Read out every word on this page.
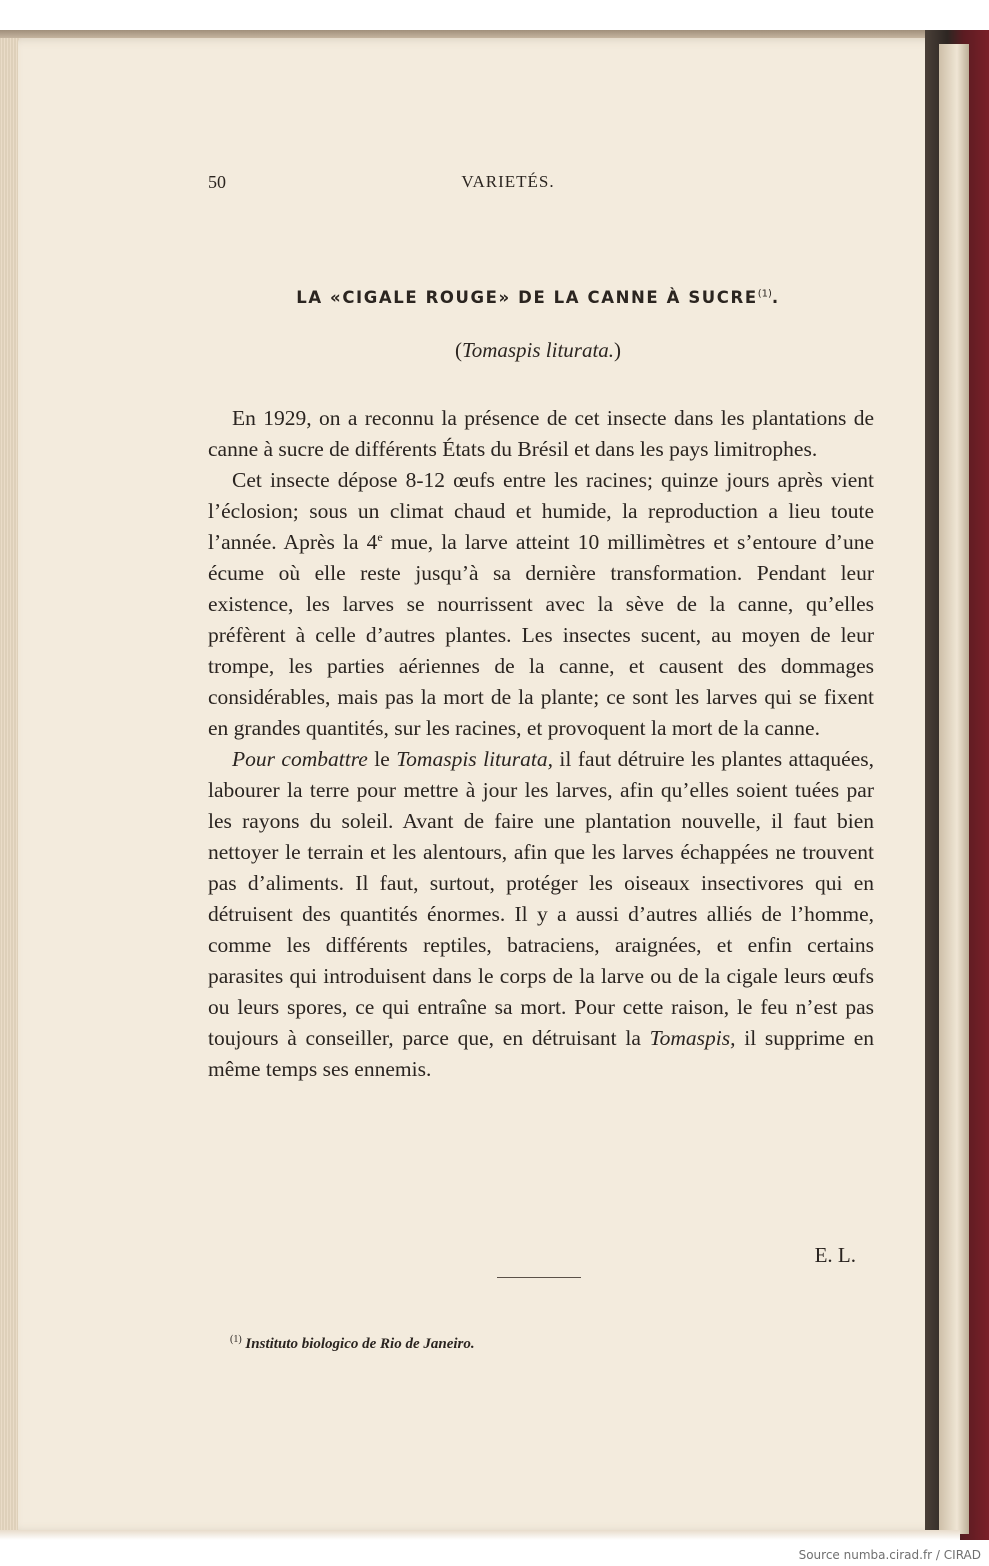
50	VARIETÉS.
LA «CIGALE ROUGE» DE LA CANNE À SUCRE$^{(1)}$.
(Tomaspis liturata.)

En 1929, on a reconnu la présence de cet insecte dans les plantations de canne à sucre de différents États du Brésil et dans les pays limitrophes.

Cet insecte dépose 8-12 œufs entre les racines; quinze jours après vient l’éclosion; sous un climat chaud et humide, la reproduction a lieu toute l’année. Après la 4e mue, la larve atteint 10 millimètres et s’entoure d’une écume où elle reste jusqu’à sa dernière transformation. Pendant leur existence, les larves se nourrissent avec la sève de la canne, qu’elles préfèrent à celle d’autres plantes. Les insectes sucent, au moyen de leur trompe, les parties aériennes de la canne, et causent des dommages considérables, mais pas la mort de la plante; ce sont les larves qui se fixent en grandes quantités, sur les racines, et provoquent la mort de la canne.

Pour combattre le Tomaspis liturata, il faut détruire les plantes attaquées, labourer la terre pour mettre à jour les larves, afin qu’elles soient tuées par les rayons du soleil. Avant de faire une plantation nouvelle, il faut bien nettoyer le terrain et les alentours, afin que les larves échappées ne trouvent pas d’aliments. Il faut, surtout, protéger les oiseaux insectivores qui en détruisent des quantités énormes. Il y a aussi d’autres alliés de l’homme, comme les différents reptiles, batraciens, araignées, et enfin certains parasites qui introduisent dans le corps de la larve ou de la cigale leurs œufs ou leurs spores, ce qui entraîne sa mort. Pour cette raison, le feu n’est pas toujours à conseiller, parce que, en détruisant la Tomaspis, il supprime en même temps ses ennemis.

E. L.
$^{(1)}$ Instituto biologico de Rio de Janeiro.
Source numba.cirad.fr / CIRAD
